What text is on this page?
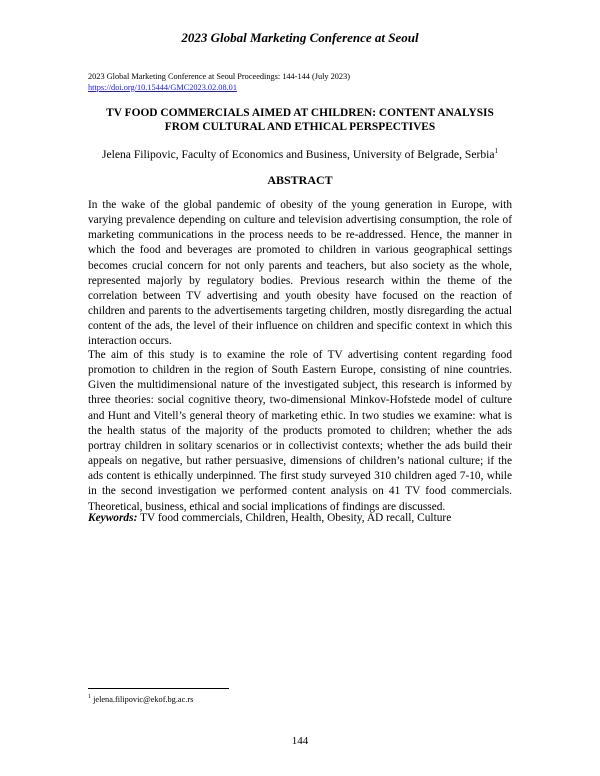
2023 Global Marketing Conference at Seoul
2023 Global Marketing Conference at Seoul Proceedings: 144-144 (July 2023)
https://doi.org/10.15444/GMC2023.02.08.01
TV FOOD COMMERCIALS AIMED AT CHILDREN: CONTENT ANALYSIS FROM CULTURAL AND ETHICAL PERSPECTIVES
Jelena Filipovic, Faculty of Economics and Business, University of Belgrade, Serbia$^1$
ABSTRACT

In the wake of the global pandemic of obesity of the young generation in Europe, with varying prevalence depending on culture and television advertising consumption, the role of marketing communications in the process needs to be re-addressed. Hence, the manner in which the food and beverages are promoted to children in various geographical settings becomes crucial concern for not only parents and teachers, but also society as the whole, represented majorly by regulatory bodies. Previous research within the theme of the correlation between TV advertising and youth obesity have focused on the reaction of children and parents to the advertisements targeting children, mostly disregarding the actual content of the ads, the level of their influence on children and specific context in which this interaction occurs.

The aim of this study is to examine the role of TV advertising content regarding food promotion to children in the region of South Eastern Europe, consisting of nine countries. Given the multidimensional nature of the investigated subject, this research is informed by three theories: social cognitive theory, two-dimensional Minkov-Hofstede model of culture and Hunt and Vitell’s general theory of marketing ethic. In two studies we examine: what is the health status of the majority of the products promoted to children; whether the ads portray children in solitary scenarios or in collectivist contexts; whether the ads build their appeals on negative, but rather persuasive, dimensions of children’s national culture; if the ads content is ethically underpinned. The first study surveyed 310 children aged 7-10, while in the second investigation we performed content analysis on 41 TV food commercials. Theoretical, business, ethical and social implications of findings are discussed.

Keywords: TV food commercials, Children, Health, Obesity, AD recall, Culture
$^1$ jelena.filipovic@ekof.bg.ac.rs
144
